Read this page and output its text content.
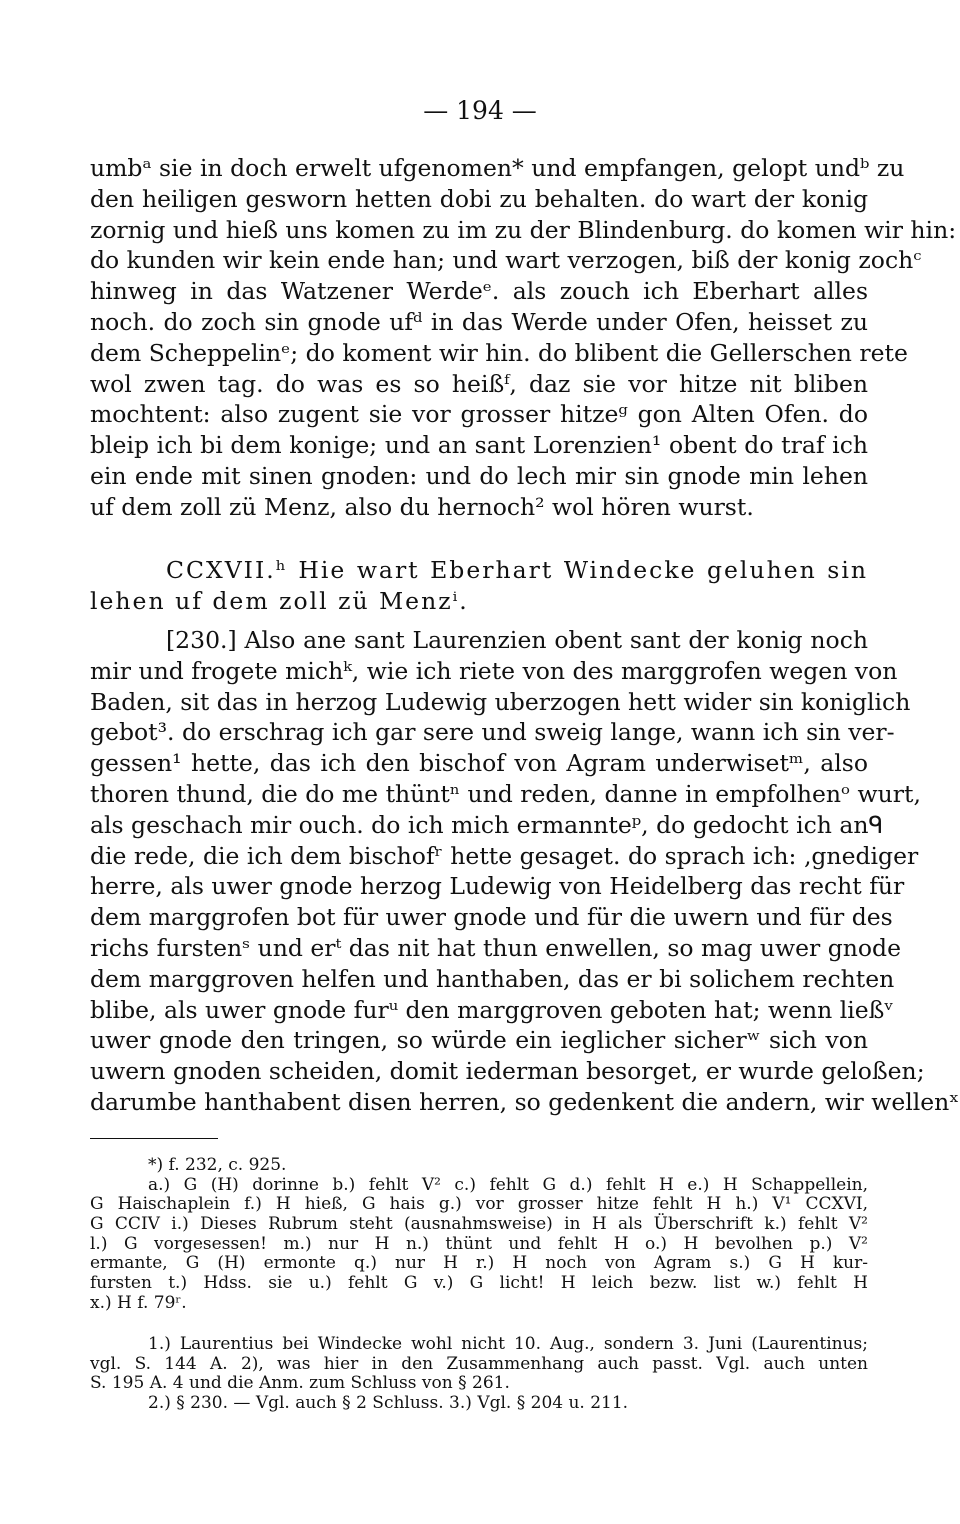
— 194 —
umbᵃ sie in doch erwelt ufgenomen* und empfangen, gelopt undᵇ zu
den heiligen gesworn hetten dobi zu behalten. do wart der konig
zornig und hieß uns komen zu im zu der Blindenburg. do komen wir hin:
do kunden wir kein ende han; und wart verzogen, biß der konig zochᶜ
hinweg in das Watzener Werdeᵉ. als zouch ich Eberhart alles
noch. do zoch sin gnode ufᵈ in das Werde under Ofen, heisset zu
dem Scheppelinᵉ; do koment wir hin. do blibent die Gellerschen rete
wol zwen tag. do was es so heißᶠ, daz sie vor hitze nit bliben
mochtent: also zugent sie vor grosser hitzeᵍ gon Alten Ofen. do
bleip ich bi dem konige; und an sant Lorenzien¹ obent do traf ich
ein ende mit sinen gnoden: und do lech mir sin gnode min lehen
uf dem zoll zü Menz, also du hernoch² wol hören wurst.
CCXVII.ʰ Hie wart Eberhart Windecke geluhen sin
lehen uf dem zoll zü Menzⁱ.
[230.] Also ane sant Laurenzien obent sant der konig noch
mir und frogete michᵏ, wie ich riete von des marggrofen wegen von
Baden, sit das in herzog Ludewig uberzogen hett wider sin koniglich
gebot³. do erschrag ich gar sere und sweig lange, wann ich sin ver-
gessen¹ hette, das ich den bischof von Agram underwisetᵐ, also
thoren thund, die do me thüntⁿ und reden, danne in empfolhenᵒ wurt,
als geschach mir ouch. do ich mich ermannteᵖ, do gedocht ich anᑫ
die rede, die ich dem bischofʳ hette gesaget. do sprach ich: ‚gnediger
herre, als uwer gnode herzog Ludewig von Heidelberg das recht für
dem marggrofen bot für uwer gnode und für die uwern und für des
richs furstenˢ und erᵗ das nit hat thun enwellen, so mag uwer gnode
dem marggroven helfen und hanthaben, das er bi solichem rechten
blibe, als uwer gnode furᵘ den marggroven geboten hat; wenn ließᵛ
uwer gnode den tringen, so würde ein ieglicher sicherʷ sich von
uwern gnoden scheiden, domit iederman besorget, er wurde geloßen;
darumbe hanthabent disen herren, so gedenkent die andern, wir wellenˣ
*) f. 232, c. 925.
a.) G (H) dorinne b.) fehlt V² c.) fehlt G d.) fehlt H e.) H Schappellein,
G Haischaplein f.) H hieß, G hais g.) vor grosser hitze fehlt H h.) V¹ CCXVI,
G CCIV i.) Dieses Rubrum steht (ausnahmsweise) in H als Überschrift k.) fehlt V²
l.) G vorgesessen! m.) nur H n.) thünt und fehlt H o.) H bevolhen p.) V²
ermante, G (H) ermonte q.) nur H r.) H noch von Agram s.) G H kur-
fursten t.) Hdss. sie u.) fehlt G v.) G licht! H leich bezw. list w.) fehlt H
x.) H f. 79ʳ.
1.) Laurentius bei Windecke wohl nicht 10. Aug., sondern 3. Juni (Laurentinus;
vgl. S. 144 A. 2), was hier in den Zusammenhang auch passt. Vgl. auch unten
S. 195 A. 4 und die Anm. zum Schluss von § 261.
2.) § 230. — Vgl. auch § 2 Schluss. 3.) Vgl. § 204 u. 211.
